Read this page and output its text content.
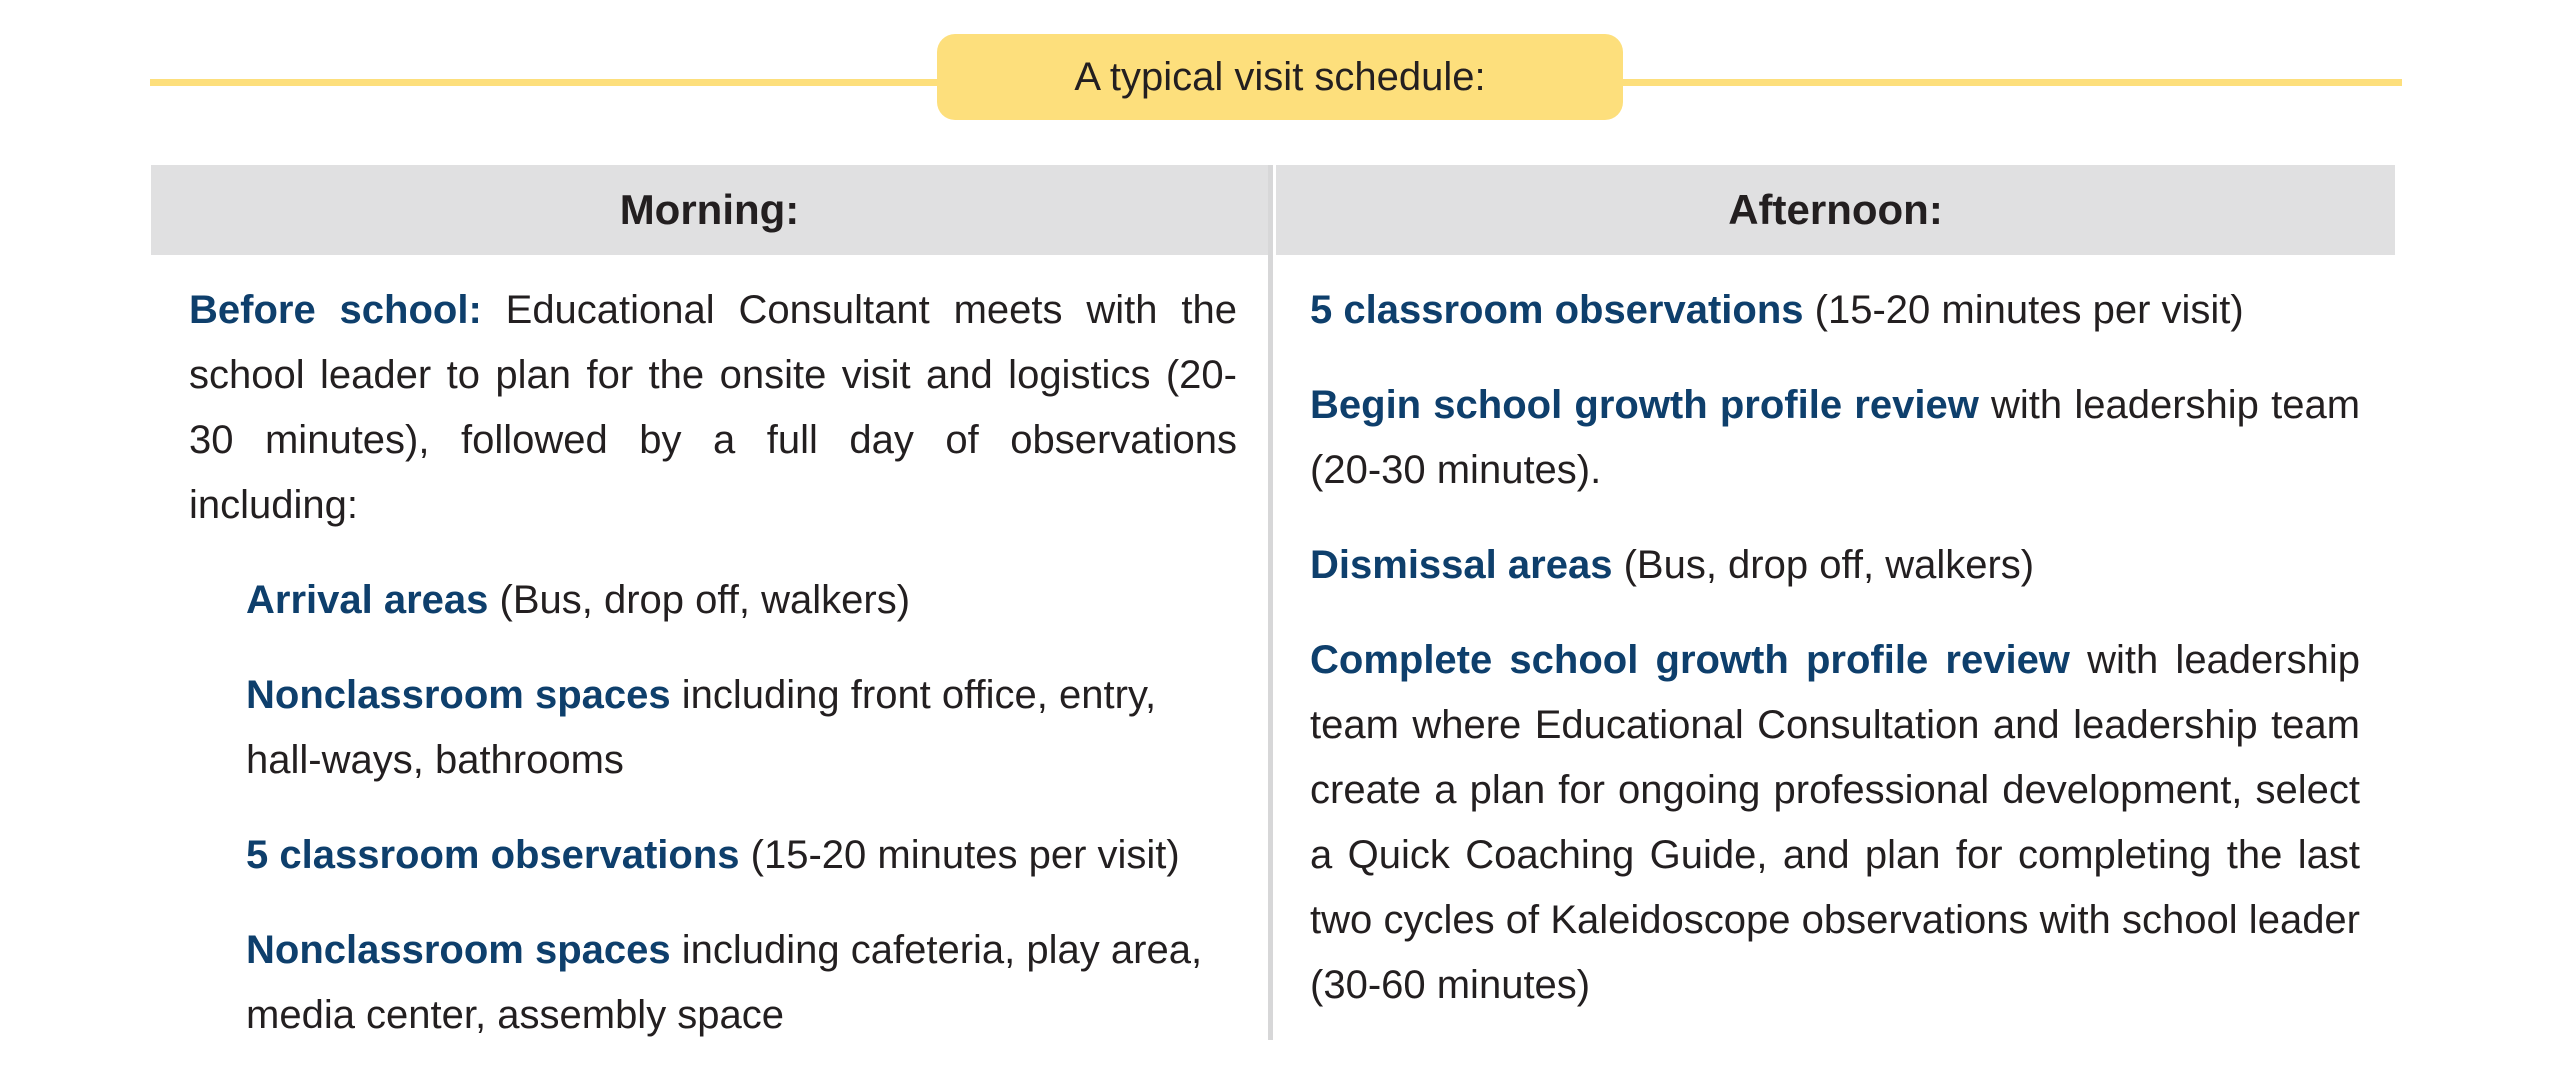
A typical visit schedule:
Morning:	Afternoon:

Before school: Educational Consultant meets with the school leader to plan for the onsite visit and logistics (20-30 minutes), followed by a full day of observations including:

Arrival areas (Bus, drop off, walkers)

Nonclassroom spaces including front office, entry, hall-ways, bathrooms

5 classroom observations (15-20 minutes per visit)

Nonclassroom spaces including cafeteria, play area, media center, assembly space

5 classroom observations (15-20 minutes per visit)

Begin school growth profile review with leadership team (20-30 minutes).

Dismissal areas (Bus, drop off, walkers)

Complete school growth profile review with leadership team where Educational Consultation and leadership team create a plan for ongoing professional development, select a Quick Coaching Guide, and plan for completing the last two cycles of Kaleidoscope observations with school leader (30-60 minutes)
